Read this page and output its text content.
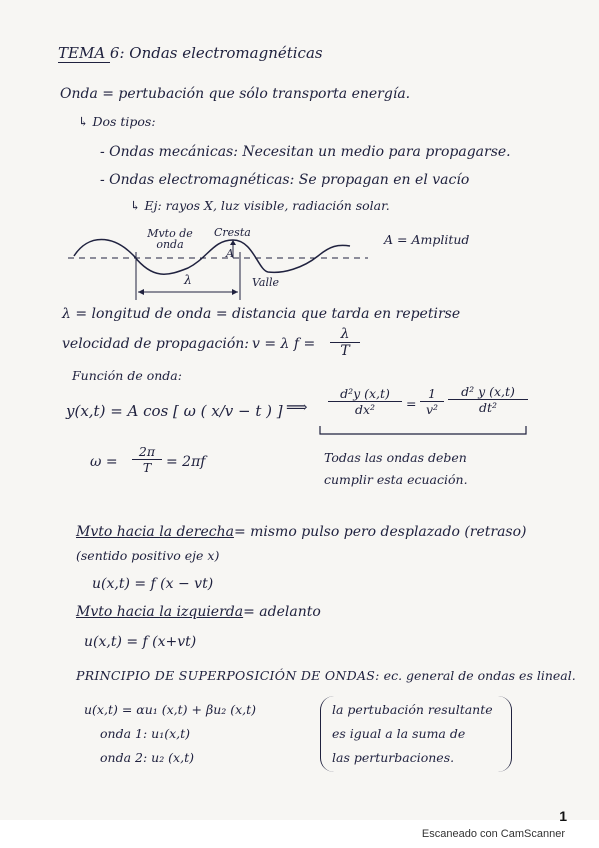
TEMA 6: Ondas electromagnéticas
Onda = pertubación que sólo transporta energía.
↳ Dos tipos:
- Ondas mecánicas: Necesitan un medio para propagarse.
- Ondas electromagnéticas: Se propagan en el vacío
↳ Ej: rayos X, luz visible, radiación solar.
Mvto de onda
Cresta
A
λ	Valle
A = Amplitud
λ = longitud de onda = distancia que tarda en repetirse
velocidad de propagación: v = λ $f = \frac{\lambda}{T}$
Función de onda:
y(x,t) = A cos [ ω ( x/v − t ) ] ⟹ $\frac{\text{d²y (x,t)}}{\text{dx²}} = \frac{1}{\text{v²}} \frac{\text{d² y (x,t)}}{\text{dt²}}$
Todas las ondas deben
cumplir esta ecuación.
$\omega = \frac{2\pi}{T} = 2\pi f$
Mvto hacia la derecha= mismo pulso pero desplazado (retraso)
(sentido positivo eje x)
u(x,t) = f (x − vt)
Mvto hacia la izquierda= adelanto
u(x,t) = f (x+vt)
PRINCIPIO DE SUPERPOSICIÓN DE ONDAS: ec. general de ondas es lineal.
u(x,t) = αu₁ (x,t) + βu₂ (x,t)
onda 1: u₁(x,t)
onda 2: u₂ (x,t)
la pertubación resultante
es igual a la suma de
las perturbaciones.
1
Escaneado con CamScanner
